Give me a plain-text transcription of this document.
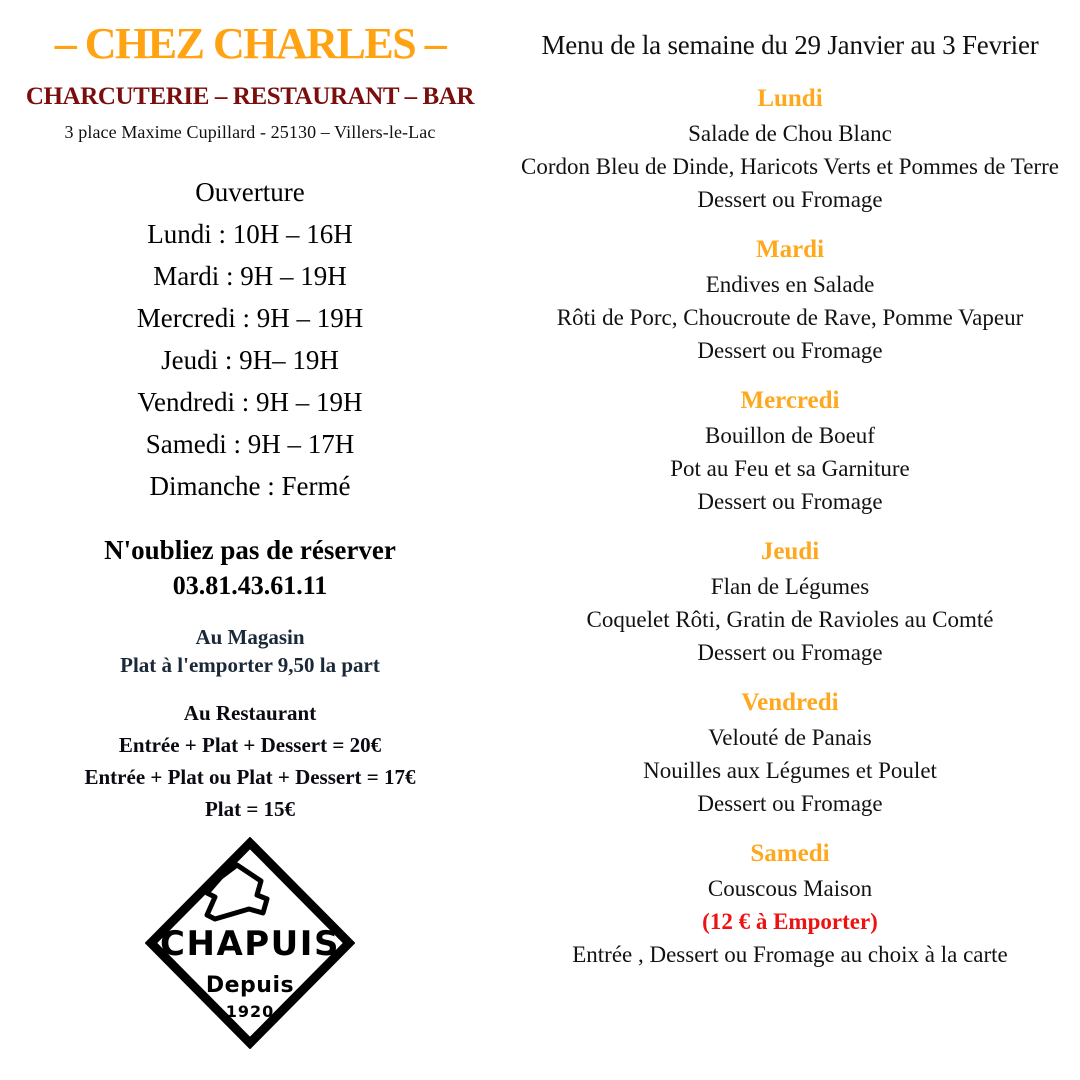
– CHEZ CHARLES –
CHARCUTERIE – RESTAURANT – BAR

3 place Maxime Cupillard - 25130 – Villers-le-Lac

Ouverture
Lundi : 10H – 16H
Mardi : 9H – 19H
Mercredi : 9H – 19H
Jeudi : 9H– 19H
Vendredi : 9H – 19H
Samedi : 9H – 17H
Dimanche : Fermé
N'oubliez pas de réserver
03.81.43.61.11
Au Magasin
Plat à l'emporter 9,50 la part
Au Restaurant
Entrée + Plat + Dessert = 20€
Entrée + Plat ou Plat + Dessert = 17€
Plat = 15€
CHAPUIS
Depuis
1920

Menu de la semaine du 29 Janvier au 3 Fevrier

Lundi
Salade de Chou Blanc
Cordon Bleu de Dinde, Haricots Verts et Pommes de Terre
Dessert ou Fromage
Mardi
Endives en Salade
Rôti de Porc, Choucroute de Rave, Pomme Vapeur
Dessert ou Fromage
Mercredi
Bouillon de Boeuf
Pot au Feu et sa Garniture
Dessert ou Fromage
Jeudi
Flan de Légumes
Coquelet Rôti, Gratin de Ravioles au Comté
Dessert ou Fromage
Vendredi
Velouté de Panais
Nouilles aux Légumes et Poulet
Dessert ou Fromage
Samedi
Couscous Maison
(12 € à Emporter)
Entrée , Dessert ou Fromage au choix à la carte
